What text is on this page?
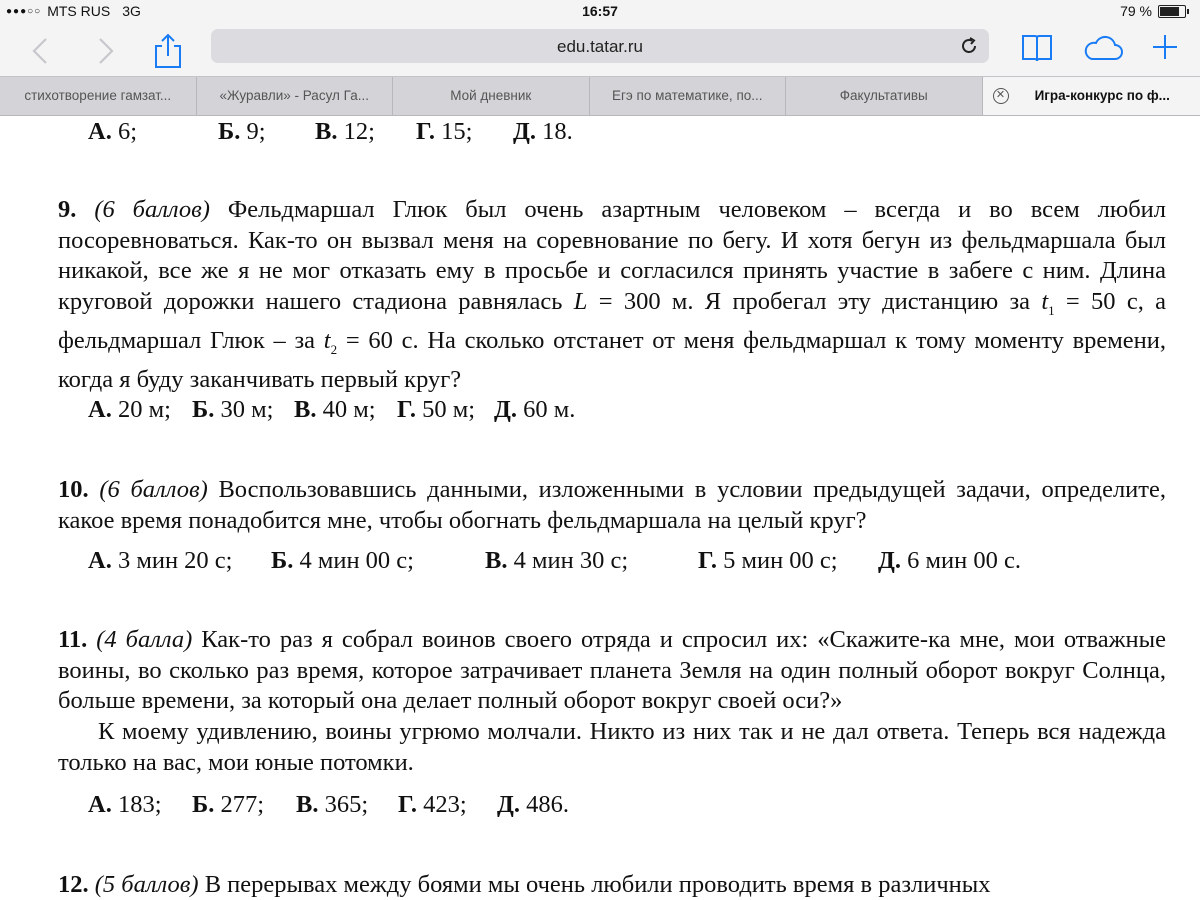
●●●○○ MTS RUS 3G	16:57	79 %
edu.tatar.ru
стихотворение гамзат...	«Журавли» - Расул Га...	Мой дневник	Егэ по математике, по...	Факультативы	✕ Игра-конкурс по ф...
А. 6;	Б. 9; В. 12; Г. 15; Д. 18.
9. (6 баллов) Фельдмаршал Глюк был очень азартным человеком – всегда и во всем любил посоревноваться. Как-то он вызвал меня на соревнование по бегу. И хотя бегун из фельдмаршала был никакой, все же я не мог отказать ему в просьбе и согласился принять участие в забеге с ним. Длина круговой дорожки нашего стадиона равнялась L = 300 м. Я пробегал эту дистанцию за $t_1 = 50$ с, а фельдмаршал Глюк – за $t_2 = 60$ с. На сколько отстанет от меня фельдмаршал к тому моменту времени, когда я буду заканчивать первый круг?
А. 20 м; Б. 30 м; В. 40 м; Г. 50 м; Д. 60 м.
10. (6 баллов) Воспользовавшись данными, изложенными в условии предыдущей задачи, определите, какое время понадобится мне, чтобы обогнать фельдмаршала на целый круг?
А. 3 мин 20 с; Б. 4 мин 00 с;	В. 4 мин 30 с;	Г. 5 мин 00 с; Д. 6 мин 00 с.
11. (4 балла) Как-то раз я собрал воинов своего отряда и спросил их: «Скажите-ка мне, мои отважные воины, во сколько раз время, которое затрачивает планета Земля на один полный оборот вокруг Солнца, больше времени, за который она делает полный оборот вокруг своей оси?»
К моему удивлению, воины угрюмо молчали. Никто из них так и не дал ответа. Теперь вся надежда только на вас, мои юные потомки.
А. 183; Б. 277; В. 365; Г. 423; Д. 486.
12. (5 баллов) В перерывах между боями мы очень любили проводить время в различных
